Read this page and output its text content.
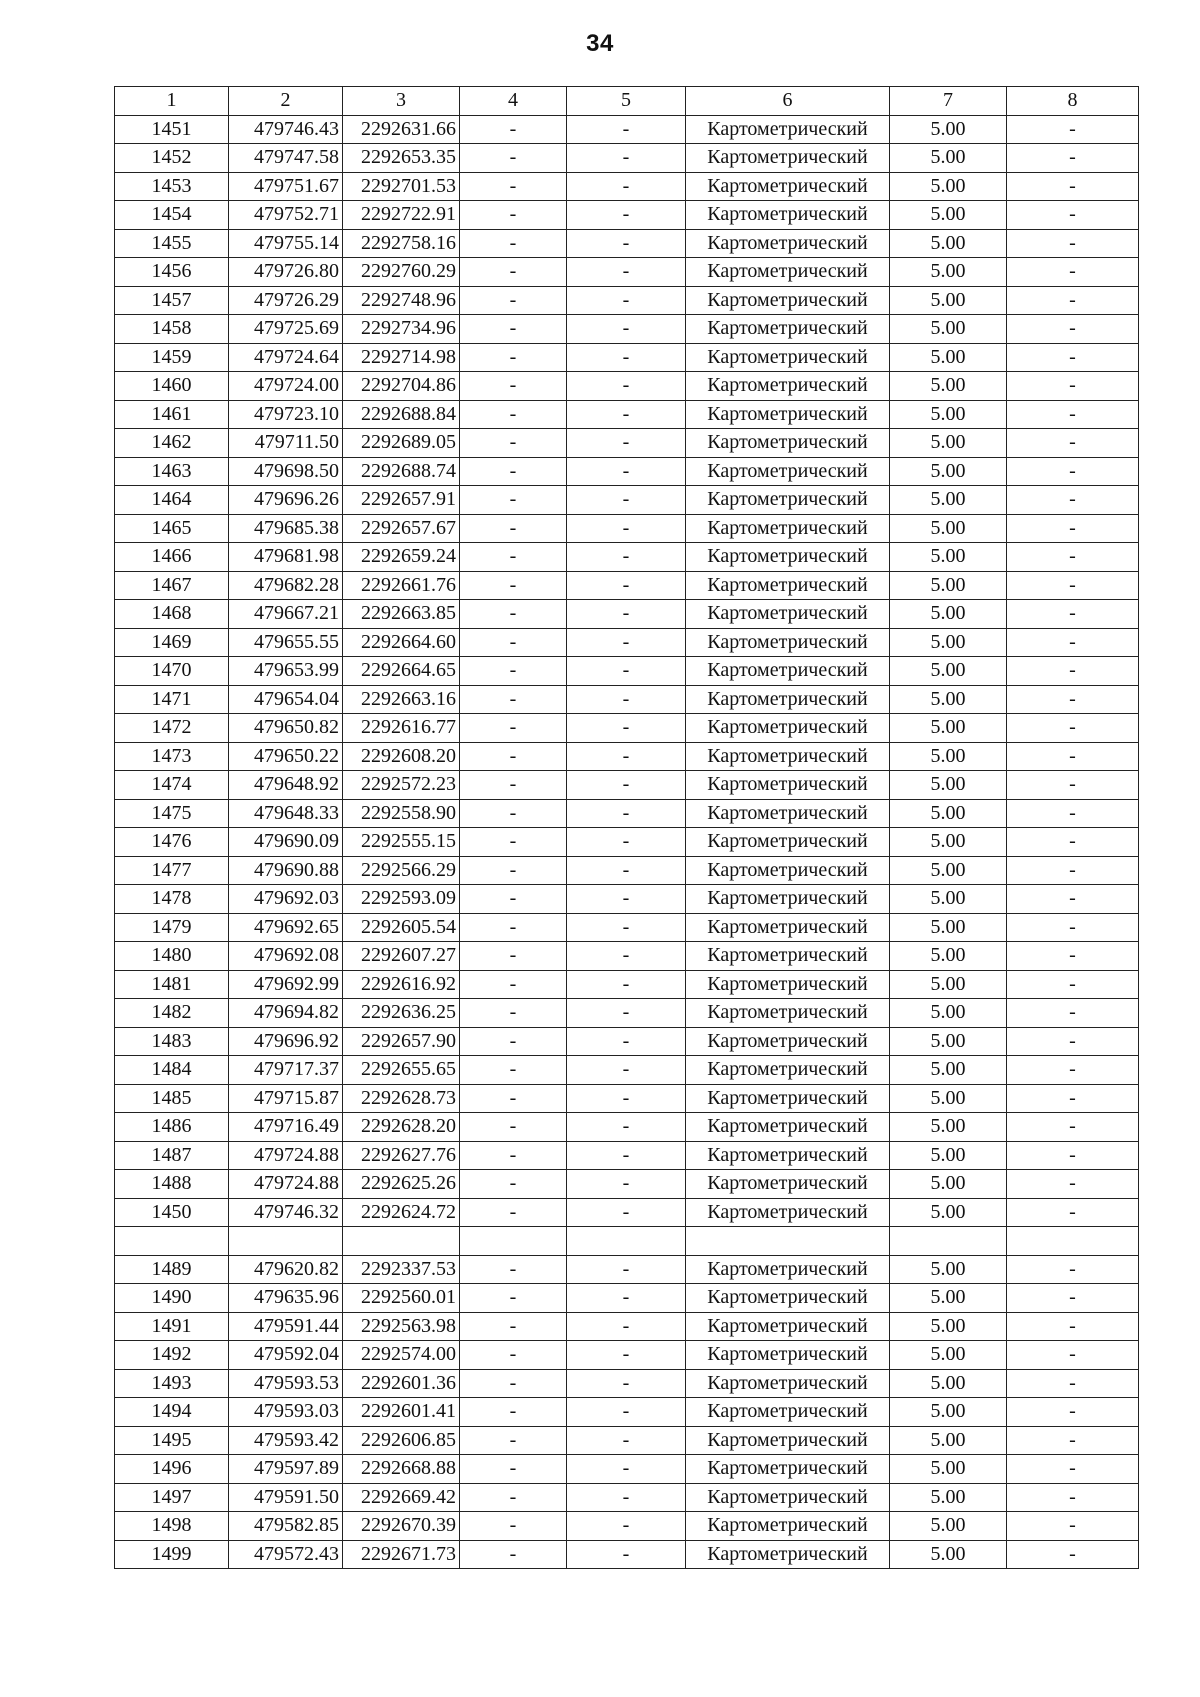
34
1	2	3	4	5	6	7	8
1451	479746.43	2292631.66	-	-	Картометрический	5.00	-
1452	479747.58	2292653.35	-	-	Картометрический	5.00	-
1453	479751.67	2292701.53	-	-	Картометрический	5.00	-
1454	479752.71	2292722.91	-	-	Картометрический	5.00	-
1455	479755.14	2292758.16	-	-	Картометрический	5.00	-
1456	479726.80	2292760.29	-	-	Картометрический	5.00	-
1457	479726.29	2292748.96	-	-	Картометрический	5.00	-
1458	479725.69	2292734.96	-	-	Картометрический	5.00	-
1459	479724.64	2292714.98	-	-	Картометрический	5.00	-
1460	479724.00	2292704.86	-	-	Картометрический	5.00	-
1461	479723.10	2292688.84	-	-	Картометрический	5.00	-
1462	479711.50	2292689.05	-	-	Картометрический	5.00	-
1463	479698.50	2292688.74	-	-	Картометрический	5.00	-
1464	479696.26	2292657.91	-	-	Картометрический	5.00	-
1465	479685.38	2292657.67	-	-	Картометрический	5.00	-
1466	479681.98	2292659.24	-	-	Картометрический	5.00	-
1467	479682.28	2292661.76	-	-	Картометрический	5.00	-
1468	479667.21	2292663.85	-	-	Картометрический	5.00	-
1469	479655.55	2292664.60	-	-	Картометрический	5.00	-
1470	479653.99	2292664.65	-	-	Картометрический	5.00	-
1471	479654.04	2292663.16	-	-	Картометрический	5.00	-
1472	479650.82	2292616.77	-	-	Картометрический	5.00	-
1473	479650.22	2292608.20	-	-	Картометрический	5.00	-
1474	479648.92	2292572.23	-	-	Картометрический	5.00	-
1475	479648.33	2292558.90	-	-	Картометрический	5.00	-
1476	479690.09	2292555.15	-	-	Картометрический	5.00	-
1477	479690.88	2292566.29	-	-	Картометрический	5.00	-
1478	479692.03	2292593.09	-	-	Картометрический	5.00	-
1479	479692.65	2292605.54	-	-	Картометрический	5.00	-
1480	479692.08	2292607.27	-	-	Картометрический	5.00	-
1481	479692.99	2292616.92	-	-	Картометрический	5.00	-
1482	479694.82	2292636.25	-	-	Картометрический	5.00	-
1483	479696.92	2292657.90	-	-	Картометрический	5.00	-
1484	479717.37	2292655.65	-	-	Картометрический	5.00	-
1485	479715.87	2292628.73	-	-	Картометрический	5.00	-
1486	479716.49	2292628.20	-	-	Картометрический	5.00	-
1487	479724.88	2292627.76	-	-	Картометрический	5.00	-
1488	479724.88	2292625.26	-	-	Картометрический	5.00	-
1450	479746.32	2292624.72	-	-	Картометрический	5.00	-

1489	479620.82	2292337.53	-	-	Картометрический	5.00	-
1490	479635.96	2292560.01	-	-	Картометрический	5.00	-
1491	479591.44	2292563.98	-	-	Картометрический	5.00	-
1492	479592.04	2292574.00	-	-	Картометрический	5.00	-
1493	479593.53	2292601.36	-	-	Картометрический	5.00	-
1494	479593.03	2292601.41	-	-	Картометрический	5.00	-
1495	479593.42	2292606.85	-	-	Картометрический	5.00	-
1496	479597.89	2292668.88	-	-	Картометрический	5.00	-
1497	479591.50	2292669.42	-	-	Картометрический	5.00	-
1498	479582.85	2292670.39	-	-	Картометрический	5.00	-
1499	479572.43	2292671.73	-	-	Картометрический	5.00	-
